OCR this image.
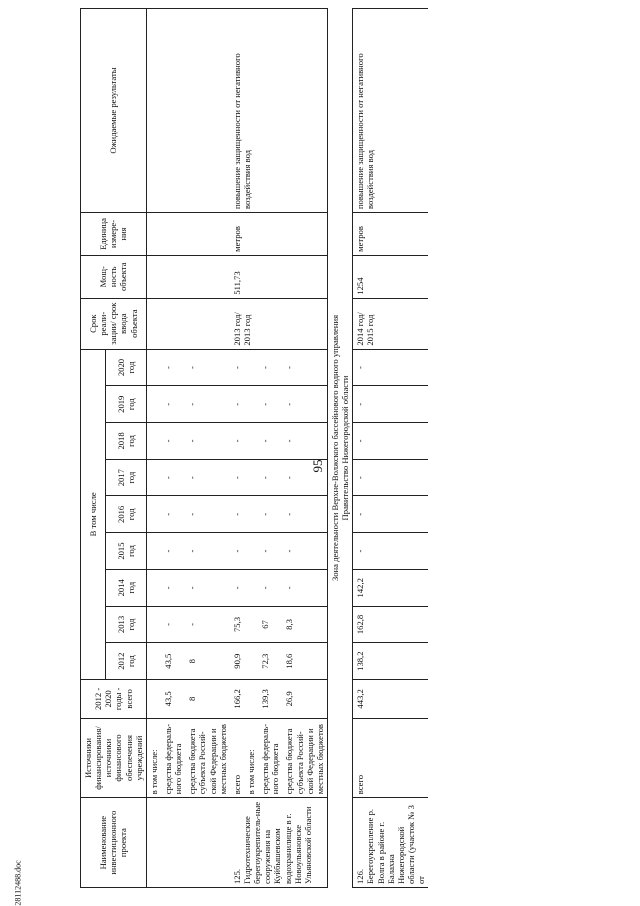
95
28112488.doc
Наименование инвестиционного проекта	Источники финансирования/ источники финансового обеспечения учреждений	2012 - 2020 годы - всего	В том числе									Срок реали-зации/ срок ввода объекта	Мощ-ность объекта	Единица измере-ния	Ожидаемые результаты
			2012 год	2013 год	2014 год	2015 год	2016 год	2017 год	2018 год	2019 год	2020 год				
	в том числе:														
	средства федераль-ного бюджета	43,5	43,5	-	-	-	-	-	-	-	-				
	средства бюджета субъекта Россий-ской Федерации и местных бюджетов	8	8	-	-	-	-	-	-	-	-				
125. Гидротехнические берегоукрепитель-ные сооружения на Куйбышевском водохранилище в г. Новоульяновске Ульяновской области	всего	166,2	90,9	75,3	-	-	-	-	-	-	-	2013 год/ 2013 год	511,73	метров	повышение защищенности от негативного воздействия вод
	в том числе:														
	средства федераль-ного бюджета	139,3	72,3	67	-	-	-	-	-	-	-				
	средства бюджета субъекта Россий-ской Федерации и местных бюджетов	26,9	18,6	8,3	-	-	-	-	-	-	-				

Зона деятельности Верхне-Волжского бассейнового водного управления Правительство Нижегородской области															

126. Берегоукрепление р. Волга в районе г. Балахна Нижегородской области (участок № 3 от	всего	443,2	138,2	162,8	142,2	-	-	-	-	-	-	2014 год/ 2015 год	1254	метров	повышение защищенности от негативного воздействия вод
